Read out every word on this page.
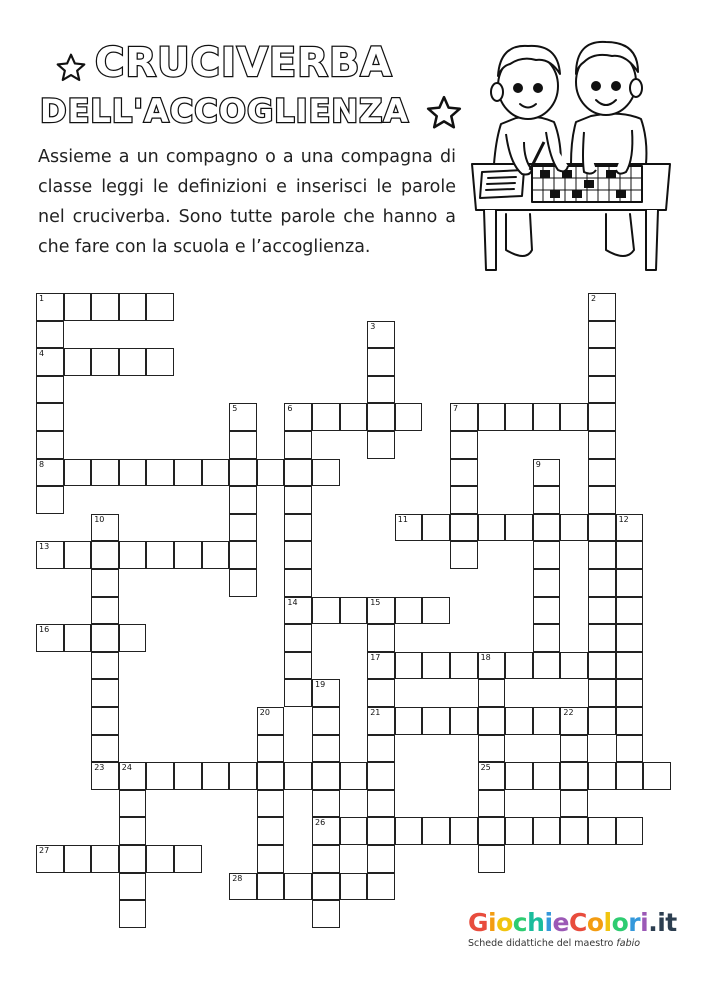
CRUCIVERBA
DELL'ACCOGLIENZA

Assieme a un compagno o a una compagna di classe leggi le definizioni e inserisci le parole nel cruciverba. Sono tutte parole che hanno a che fare con la scuola e l’accoglienza.

1
4
8
2
3
5	6
14
7
9
10
23
11	12
13
15
17
21
16
18
25
19
26
20	22
24
27
28
GiochieColori.it
Schede didattiche del maestro fabio
